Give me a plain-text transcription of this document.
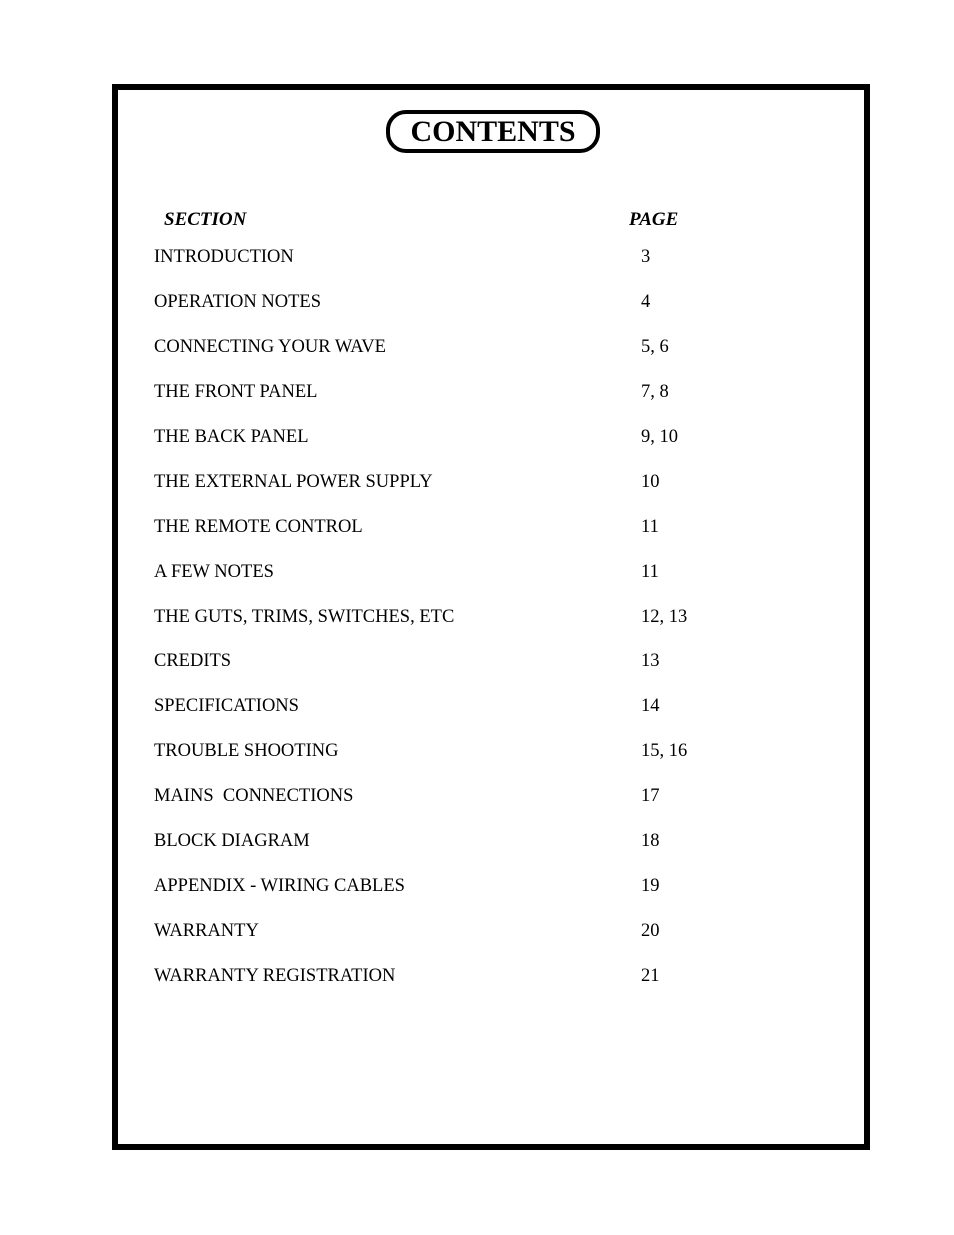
CONTENTS
SECTION	PAGE
INTRODUCTION	3
OPERATION NOTES	4
CONNECTING YOUR WAVE	5, 6
THE FRONT PANEL	7, 8
THE BACK PANEL	9, 10
THE EXTERNAL POWER SUPPLY	10
THE REMOTE CONTROL	11
A FEW NOTES	11
THE GUTS, TRIMS, SWITCHES, ETC	12, 13
CREDITS	13
SPECIFICATIONS	14
TROUBLE SHOOTING	15, 16
MAINS  CONNECTIONS	17
BLOCK DIAGRAM	18
APPENDIX - WIRING CABLES	19
WARRANTY	20
WARRANTY REGISTRATION	21
